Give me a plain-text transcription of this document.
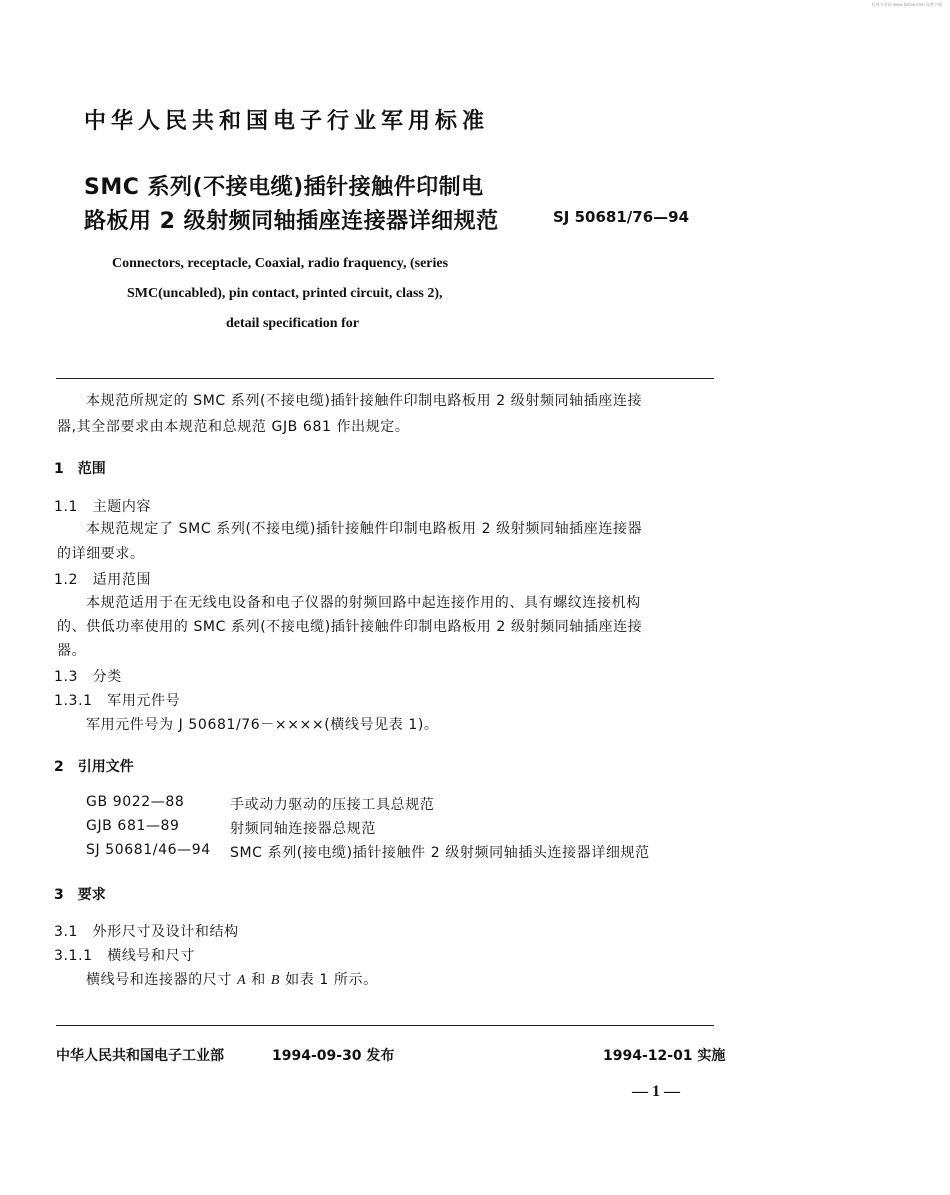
标准分享网 www.bzfxw.com 免费下载
中华人民共和国电子行业军用标准
SMC 系列(不接电缆)插针接触件印制电
路板用 2 级射频同轴插座连接器详细规范	SJ 50681/76—94
Connectors, receptacle, Coaxial, radio fraquency, (series
SMC(uncabled), pin contact, printed circuit, class 2),
detail specification for
本规范所规定的 SMC 系列(不接电缆)插针接触件印制电路板用 2 级射频同轴插座连接
器,其全部要求由本规范和总规范 GJB 681 作出规定。
1　范围
1.1　主题内容
本规范规定了 SMC 系列(不接电缆)插针接触件印制电路板用 2 级射频同轴插座连接器
的详细要求。
1.2　适用范围
本规范适用于在无线电设备和电子仪器的射频回路中起连接作用的、具有螺纹连接机构
的、供低功率使用的 SMC 系列(不接电缆)插针接触件印制电路板用 2 级射频同轴插座连接
器。
1.3　分类
1.3.1　军用元件号
军用元件号为 J 50681/76－××××(横线号见表 1)。
2　引用文件
GB 9022—88	手或动力驱动的压接工具总规范
GJB 681—89	射频同轴连接器总规范
SJ 50681/46—94 SMC 系列(接电缆)插针接触件 2 级射频同轴插头连接器详细规范
3　要求
3.1　外形尺寸及设计和结构
3.1.1　横线号和尺寸
横线号和连接器的尺寸 A 和 B 如表 1 所示。
中华人民共和国电子工业部	1994-09-30 发布	1994-12-01 实施
— 1 —
